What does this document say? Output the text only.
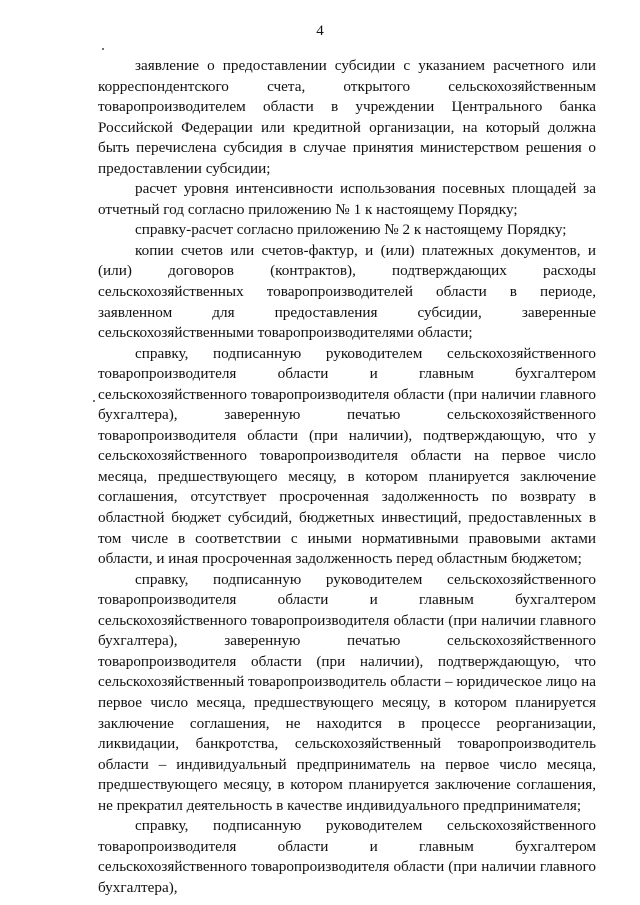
4

заявление о предоставлении субсидии с указанием расчетного или корреспондентского счета, открытого сельскохозяйственным товаропроизводителем области в учреждении Центрального банка Российской Федерации или кредитной организации, на который должна быть перечислена субсидия в случае принятия министерством решения о предоставлении субсидии;

расчет уровня интенсивности использования посевных площадей за отчетный год согласно приложению № 1 к настоящему Порядку;

справку-расчет согласно приложению № 2 к настоящему Порядку;

копии счетов или счетов-фактур, и (или) платежных документов, и (или) договоров (контрактов), подтверждающих расходы сельскохозяйственных товаропроизводителей области в периоде, заявленном для предоставления субсидии, заверенные сельскохозяйственными товаропроизводителями области;

справку, подписанную руководителем сельскохозяйственного товаропроизводителя области и главным бухгалтером сельскохозяйственного товаропроизводителя области (при наличии главного бухгалтера), заверенную печатью сельскохозяйственного товаропроизводителя области (при наличии), подтверждающую, что у сельскохозяйственного товаропроизводителя области на первое число месяца, предшествующего месяцу, в котором планируется заключение соглашения, отсутствует просроченная задолженность по возврату в областной бюджет субсидий, бюджетных инвестиций, предоставленных в том числе в соответствии с иными нормативными правовыми актами области, и иная просроченная задолженность перед областным бюджетом;

справку, подписанную руководителем сельскохозяйственного товаропроизводителя области и главным бухгалтером сельскохозяйственного товаропроизводителя области (при наличии главного бухгалтера), заверенную печатью сельскохозяйственного товаропроизводителя области (при наличии), подтверждающую, что сельскохозяйственный товаропроизводитель области – юридическое лицо на первое число месяца, предшествующего месяцу, в котором планируется заключение соглашения, не находится в процессе реорганизации, ликвидации, банкротства, сельскохозяйственный товаропроизводитель области – индивидуальный предприниматель на первое число месяца, предшествующего месяцу, в котором планируется заключение соглашения, не прекратил деятельность в качестве индивидуального предпринимателя;

справку, подписанную руководителем сельскохозяйственного товаропроизводителя области и главным бухгалтером сельскохозяйственного товаропроизводителя области (при наличии главного бухгалтера),
